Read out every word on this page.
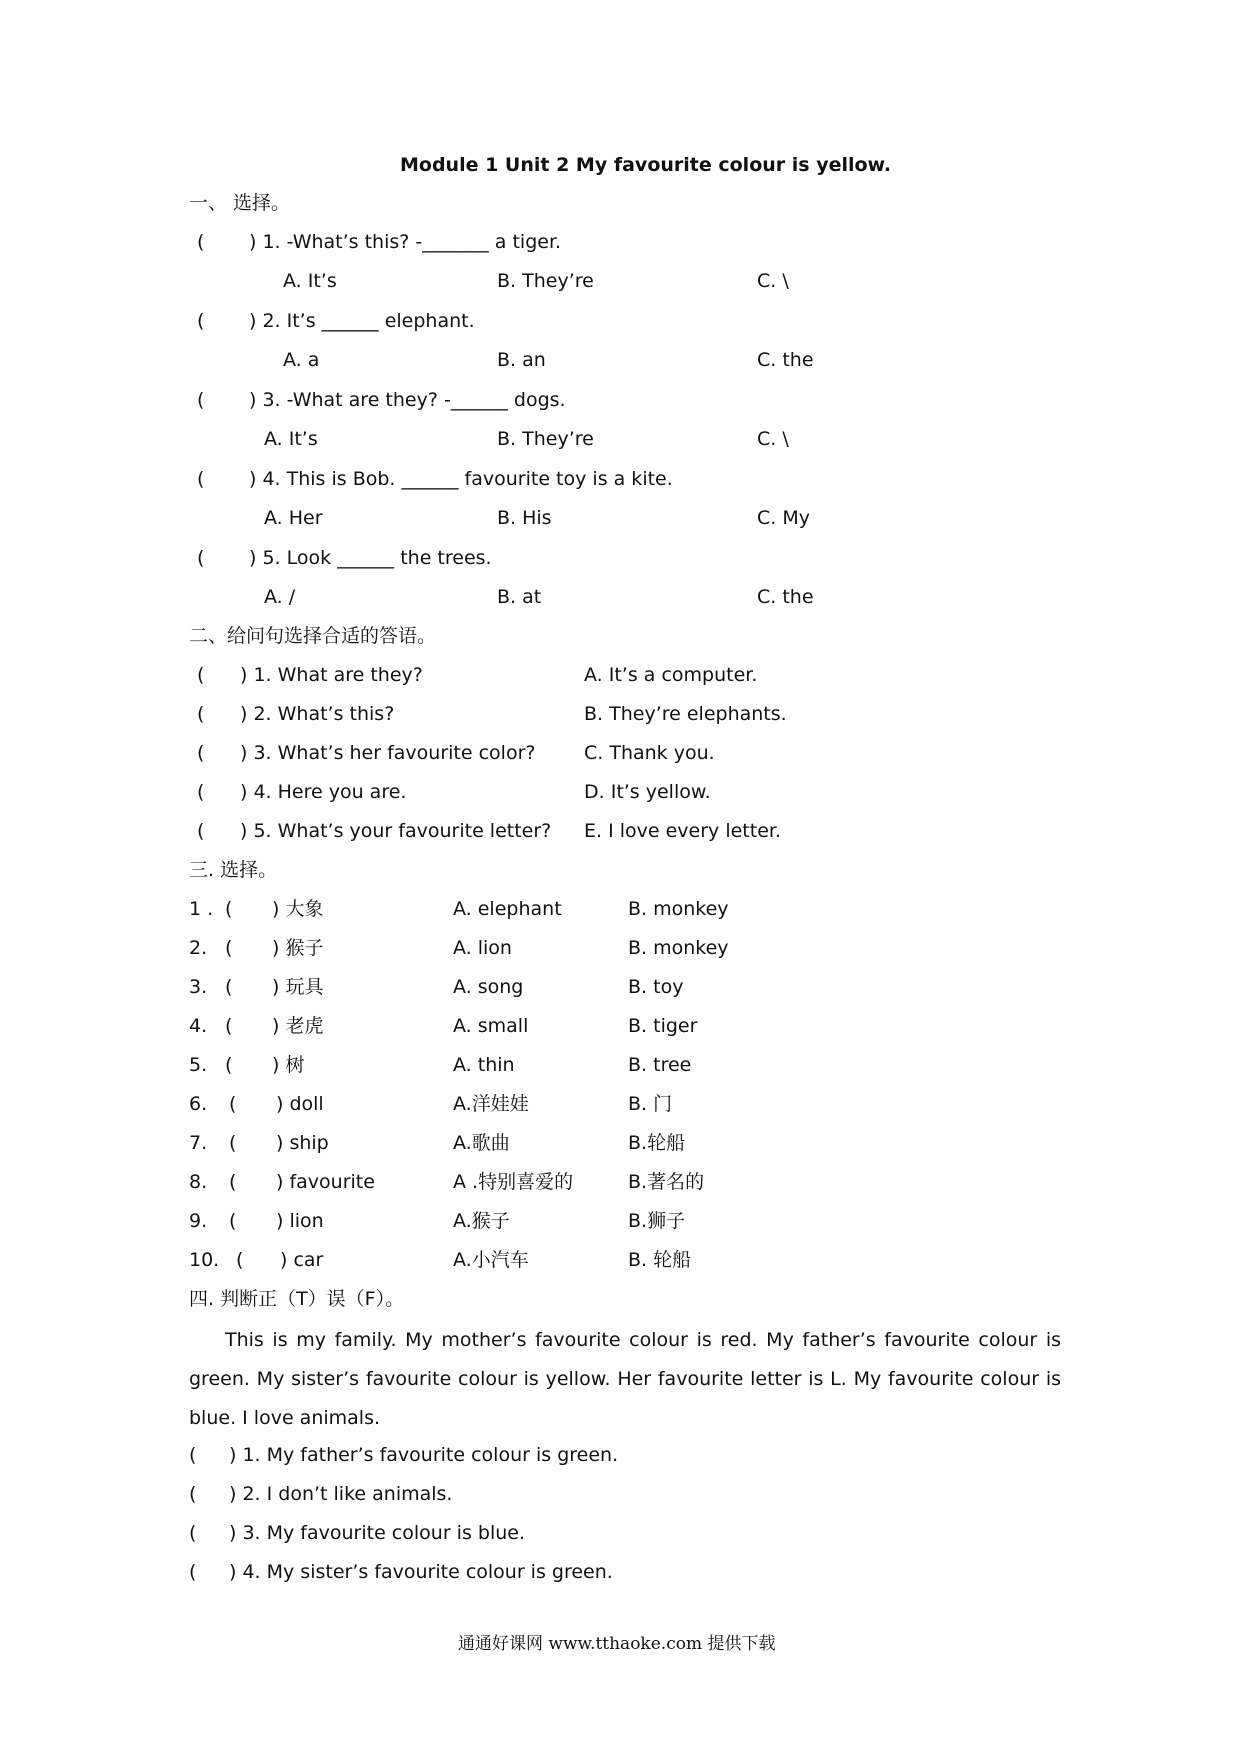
Module 1 Unit 2 My favourite colour is yellow.
一、 选择。
( ) 1. -What’s this? -_______ a tiger.
A. It’s	B. They’re	C. \
( ) 2. It’s ______ elephant.
A. a	B. an	C. the
( ) 3. -What are they? -______ dogs.
A. It’s	B. They’re	C. \
( ) 4. This is Bob. ______ favourite toy is a kite.
A. Her	B. His	C. My
( ) 5. Look ______ the trees.
A. /	B. at	C. the
二、给问句选择合适的答语。
( ) 1. What are they?	A. It’s a computer.
( ) 2. What’s this?	B. They’re elephants.
( ) 3. What’s her favourite color?	C. Thank you.
( ) 4. Here you are.	D. It’s yellow.
( ) 5. What’s your favourite letter? E. I love every letter.
三. 选择。
1 . ( ) 大象	A. elephant	B. monkey
2. ( ) 猴子	A. lion	B. monkey
3. ( ) 玩具	A. song	B. toy
4. ( ) 老虎	A. small	B. tiger
5. ( ) 树	A. thin	B. tree
6. ( ) doll	A.洋娃娃	B. 门
7. ( ) ship	A.歌曲	B.轮船
8. ( ) favourite	A .特别喜爱的	B.著名的
9. ( ) lion	A.猴子	B.狮子
10. ( ) car	A.小汽车	B. 轮船
四. 判断正（T）误（F）。
This is my family. My mother’s favourite colour is red. My father’s favourite colour is green. My sister’s favourite colour is yellow. Her favourite letter is L. My favourite colour is blue. I love animals.
( ) 1. My father’s favourite colour is green.
( ) 2. I don’t like animals.
( ) 3. My favourite colour is blue.
( ) 4. My sister’s favourite colour is green.
通通好课网 www.tthaoke.com 提供下载
